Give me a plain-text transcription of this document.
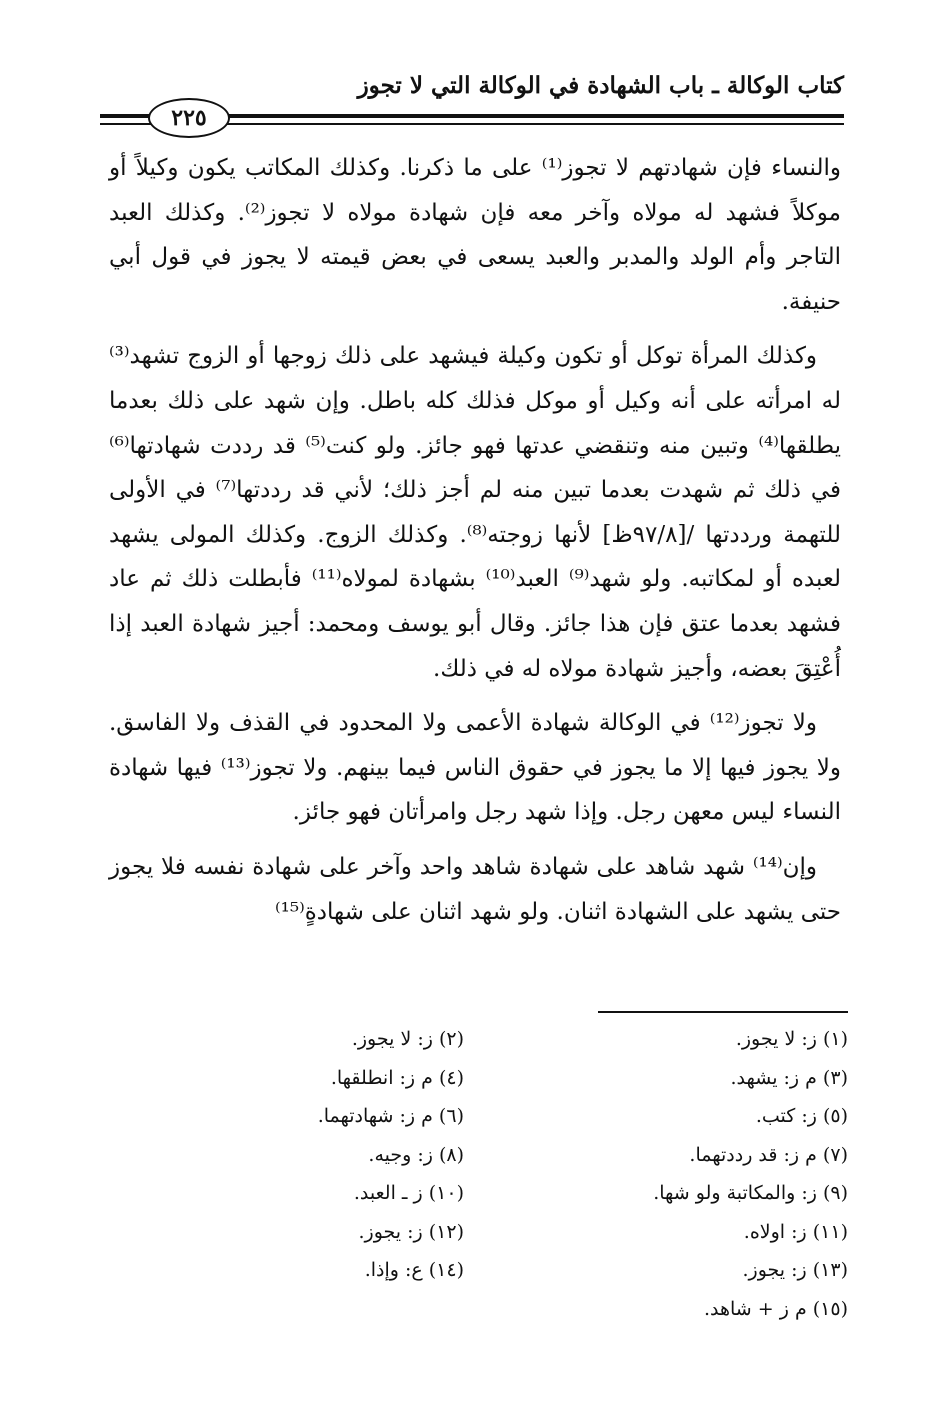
كتاب الوكالة ـ باب الشهادة في الوكالة التي لا تجوز
٢٢٥

والنساء فإن شهادتهم لا تجوز⁽¹⁾ على ما ذكرنا. وكذلك المكاتب يكون وكيلاً أو موكلاً فشهد له مولاه وآخر معه فإن شهادة مولاه لا تجوز⁽²⁾. وكذلك العبد التاجر وأم الولد والمدبر والعبد يسعى في بعض قيمته لا يجوز في قول أبي حنيفة.

وكذلك المرأة توكل أو تكون وكيلة فيشهد على ذلك زوجها أو الزوج تشهد⁽³⁾ له امرأته على أنه وكيل أو موكل فذلك كله باطل. وإن شهد على ذلك بعدما يطلقها⁽⁴⁾ وتبين منه وتنقضي عدتها فهو جائز. ولو كنت⁽⁵⁾ قد رددت شهادتها⁽⁶⁾ في ذلك ثم شهدت بعدما تبين منه لم أجز ذلك؛ لأني قد رددتها⁽⁷⁾ في الأولى للتهمة ورددتها /[٩٧/٨ظ] لأنها زوجته⁽⁸⁾. وكذلك الزوج. وكذلك المولى يشهد لعبده أو لمكاتبه. ولو شهد⁽⁹⁾ العبد⁽¹⁰⁾ بشهادة لمولاه⁽¹¹⁾ فأبطلت ذلك ثم عاد فشهد بعدما عتق فإن هذا جائز. وقال أبو يوسف ومحمد: أجيز شهادة العبد إذا أُعْتِقَ بعضه، وأجيز شهادة مولاه له في ذلك.

ولا تجوز⁽¹²⁾ في الوكالة شهادة الأعمى ولا المحدود في القذف ولا الفاسق. ولا يجوز فيها إلا ما يجوز في حقوق الناس فيما بينهم. ولا تجوز⁽¹³⁾ فيها شهادة النساء ليس معهن رجل. وإذا شهد رجل وامرأتان فهو جائز.

وإن⁽¹⁴⁾ شهد شاهد على شهادة شاهد واحد وآخر على شهادة نفسه فلا يجوز حتى يشهد على الشهادة اثنان. ولو شهد اثنان على شهادةٍ⁽¹⁵⁾

(١) ز: لا يجوز.
(٣) م ز: يشهد.
(٥) ز: كتب.
(٧) م ز: قد رددتهما.
(٩) ز: والمكاتبة ولو شها.
(١١) ز: اولاه.
(١٣) ز: يجوز.
(١٥) م ز + شاهد.
(٢) ز: لا يجوز.
(٤) م ز: انطلقها.
(٦) م ز: شهادتهما.
(٨) ز: وجيه.
(١٠) ز ـ العبد.
(١٢) ز: يجوز.
(١٤) ع: وإذا.
